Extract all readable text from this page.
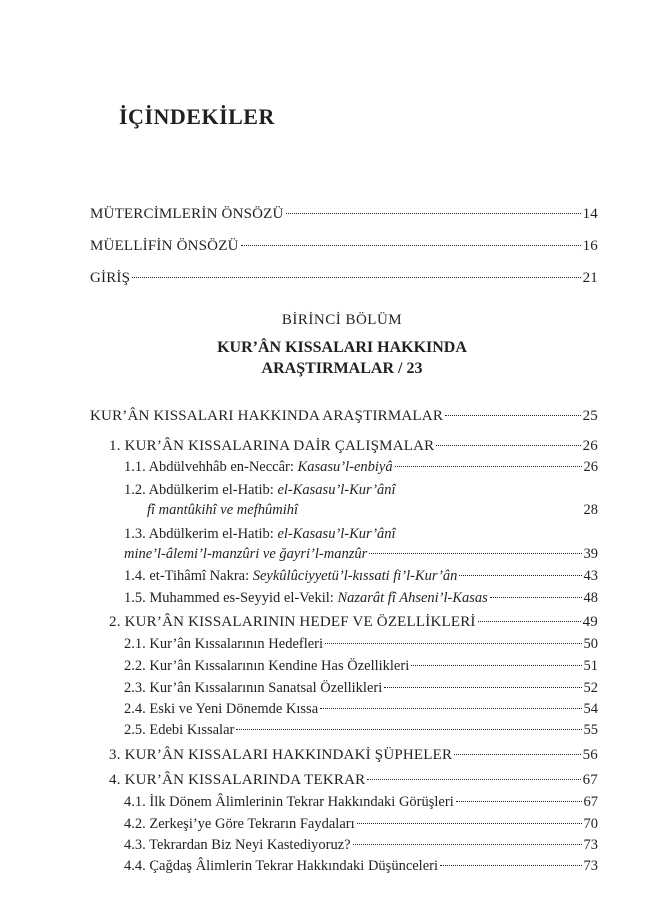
İÇİNDEKİLER
MÜTERCİMLERİN ÖNSÖZÜ	14
MÜELLİFİN ÖNSÖZÜ	16
GİRİŞ	21
BİRİNCİ BÖLÜM
KUR’ÂN KISSALARI HAKKINDA
ARAŞTIRMALAR / 23
KUR’ÂN KISSALARI HAKKINDA ARAŞTIRMALAR	25
1. KUR’ÂN KISSALARINA DAİR ÇALIŞMALAR	26
1.1. Abdülvehhâb en-Neccâr: Kasasu’l-enbiyâ	26
1.2. Abdülkerim el-Hatib: el-Kasasu’l-Kur’ânî
fî mantûkihî ve mefhûmihî	28
1.3. Abdülkerim el-Hatib: el-Kasasu’l-Kur’ânî
mine’l-âlemi’l-manzûri ve ğayri’l-manzûr	39
1.4. et-Tihâmî Nakra: Seykûlûciyyetü’l-kıssati fi’l-Kur’ân	43
1.5. Muhammed es-Seyyid el-Vekil: Nazarât fî Ahseni’l-Kasas	48
2. KUR’ÂN KISSALARININ HEDEF VE ÖZELLİKLERİ	49
2.1. Kur’ân Kıssalarının Hedefleri	50
2.2. Kur’ân Kıssalarının Kendine Has Özellikleri	51
2.3. Kur’ân Kıssalarının Sanatsal Özellikleri	52
2.4. Eski ve Yeni Dönemde Kıssa	54
2.5. Edebi Kıssalar	55
3. KUR’ÂN KISSALARI HAKKINDAKİ ŞÜPHELER	56
4. KUR’ÂN KISSALARINDA TEKRAR	67
4.1. İlk Dönem Âlimlerinin Tekrar Hakkındaki Görüşleri	67
4.2. Zerkeşi’ye Göre Tekrarın Faydaları	70
4.3. Tekrardan Biz Neyi Kastediyoruz?	73
4.4. Çağdaş Âlimlerin Tekrar Hakkındaki Düşünceleri	73
